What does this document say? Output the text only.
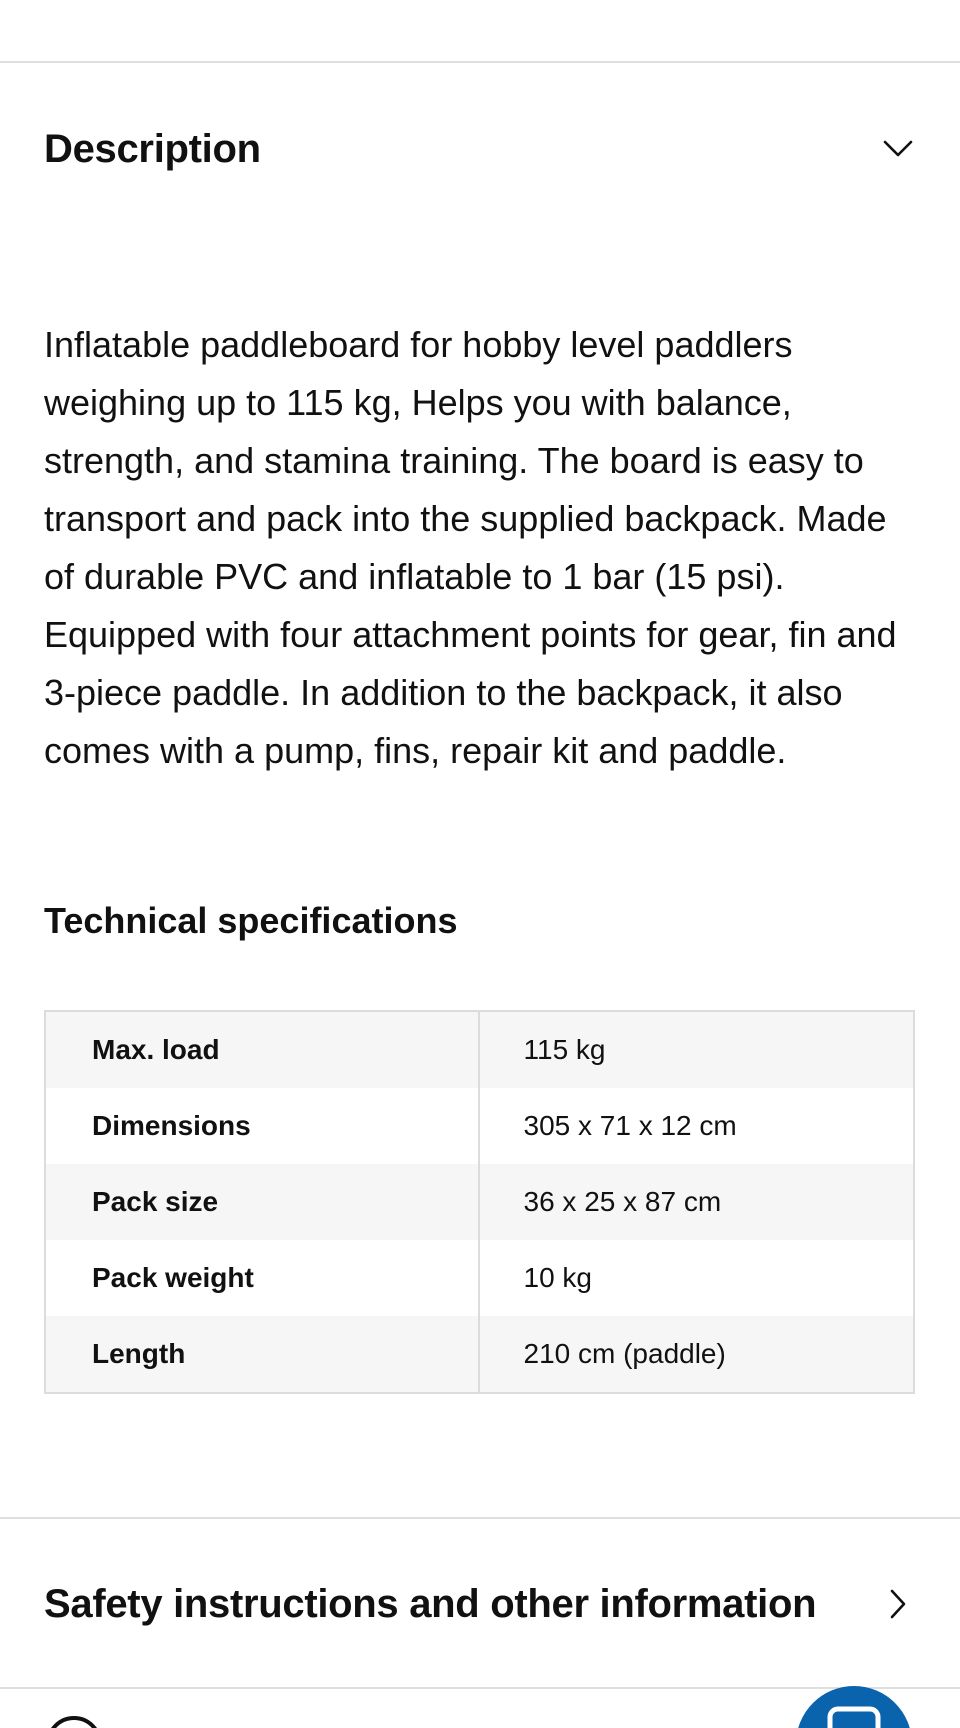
Description

Inflatable paddleboard for hobby level paddlers weighing up to 115 kg, Helps you with balance, strength, and stamina training. The board is easy to transport and pack into the supplied backpack. Made of durable PVC and inflatable to 1 bar (15 psi). Equipped with four attachment points for gear, fin and 3-piece paddle. In addition to the backpack, it also comes with a pump, fins, repair kit and paddle.

Technical specifications
Max. load	115 kg
Dimensions	305 x 71 x 12 cm
Pack size	36 x 25 x 87 cm
Pack weight	10 kg
Length	210 cm (paddle)
Safety instructions and other information
